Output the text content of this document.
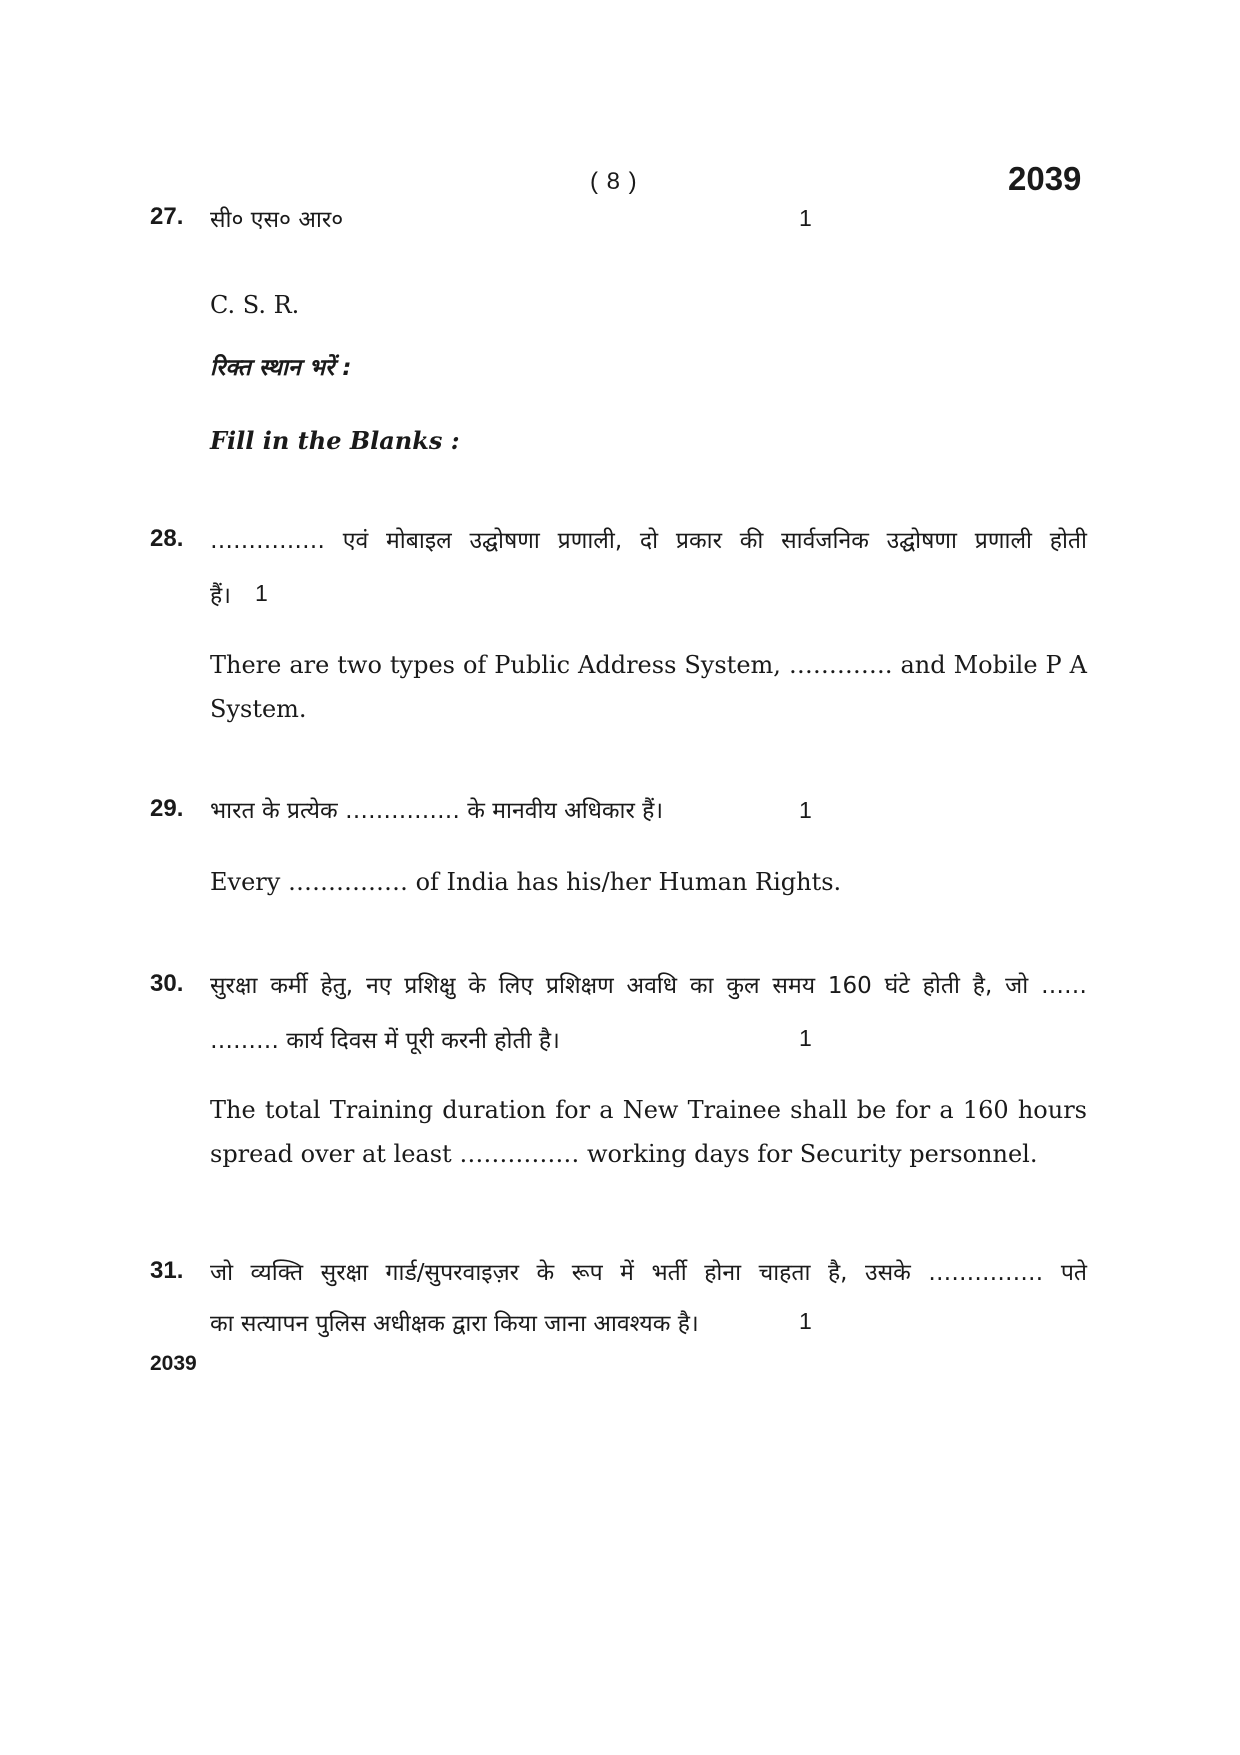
( 8 )	2039
27. सी० एस० आर०	1
C. S. R.
रिक्त स्थान भरें :
Fill in the Blanks :
28. …………… एवं मोबाइल उद्घोषणा प्रणाली, दो प्रकार की सार्वजनिक उद्घोषणा प्रणाली होती
हैं। 1
There are two types of Public Address System, …………. and Mobile P A
System.
29. भारत के प्रत्येक …………… के मानवीय अधिकार हैं।	1
Every …………… of India has his/her Human Rights.
30. सुरक्षा कर्मी हेतु, नए प्रशिक्षु के लिए प्रशिक्षण अवधि का कुल समय 160 घंटे होती है, जो ……
……… कार्य दिवस में पूरी करनी होती है।	1
The total Training duration for a New Trainee shall be for a 160 hours
spread over at least …………… working days for Security personnel.
31. जो व्यक्ति सुरक्षा गार्ड/सुपरवाइज़र के रूप में भर्ती होना चाहता है, उसके …………… पते
का सत्यापन पुलिस अधीक्षक द्वारा किया जाना आवश्यक है।	1
2039
